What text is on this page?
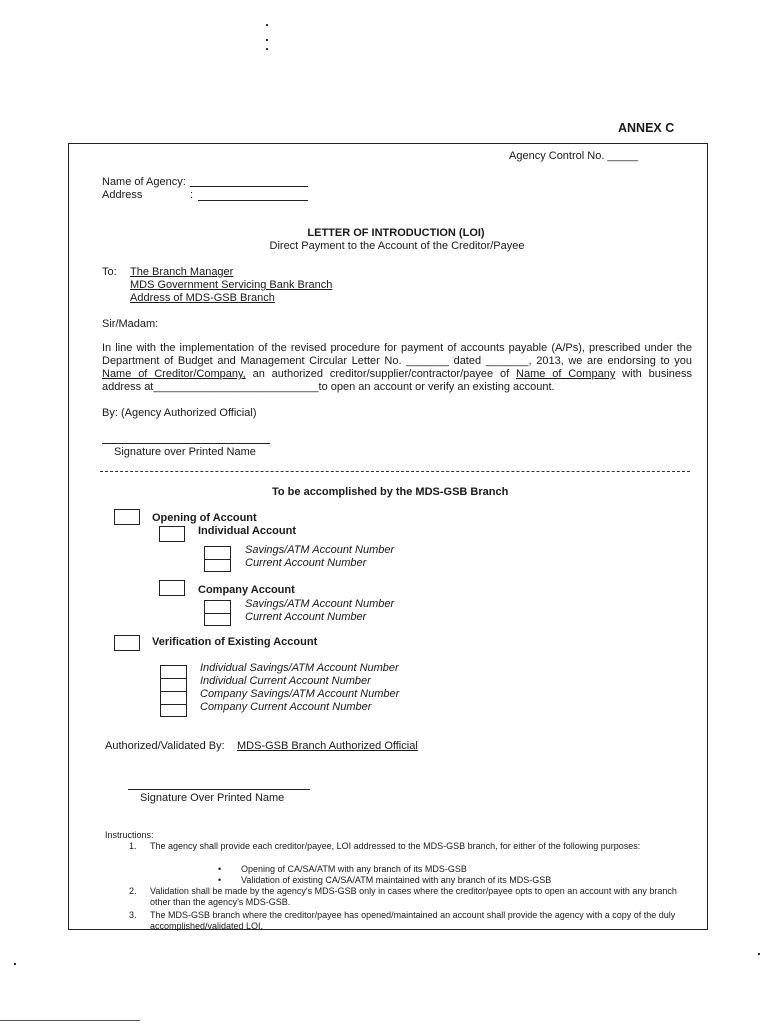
ANNEX C
Agency Control No. _____
Name of Agency:
Address	:
LETTER OF INTRODUCTION (LOI)
Direct Payment to the Account of the Creditor/Payee
To: The Branch Manager
MDS Government Servicing Bank Branch
Address of MDS-GSB Branch
Sir/Madam:

In line with the implementation of the revised procedure for payment of accounts payable (A/Ps), prescribed under the Department of Budget and Management Circular Letter No. _______ dated _______, 2013, we are endorsing to you Name of Creditor/Company, an authorized creditor/supplier/contractor/payee of Name of Company with business address at___________________________to open an account or verify an existing account.

By: (Agency Authorized Official)
Signature over Printed Name
To be accomplished by the MDS-GSB Branch
Opening of Account
Individual Account
Savings/ATM Account Number
Current Account Number
Company Account
Savings/ATM Account Number
Current Account Number
Verification of Existing Account
Individual Savings/ATM Account Number
Individual Current Account Number
Company Savings/ATM Account Number
Company Current Account Number
Authorized/Validated By: MDS-GSB Branch Authorized Official
Signature Over Printed Name
Instructions:
1. The agency shall provide each creditor/payee, LOI addressed to the MDS-GSB branch, for either of the following purposes:
• Opening of CA/SA/ATM with any branch of its MDS-GSB
• Validation of existing CA/SA/ATM maintained with any branch of its MDS-GSB
2. Validation shall be made by the agency's MDS-GSB only in cases where the creditor/payee opts to open an account with any branch other than the agency's MDS-GSB.
3. The MDS-GSB branch where the creditor/payee has opened/maintained an account shall provide the agency with a copy of the duly accomplished/validated LOI.
